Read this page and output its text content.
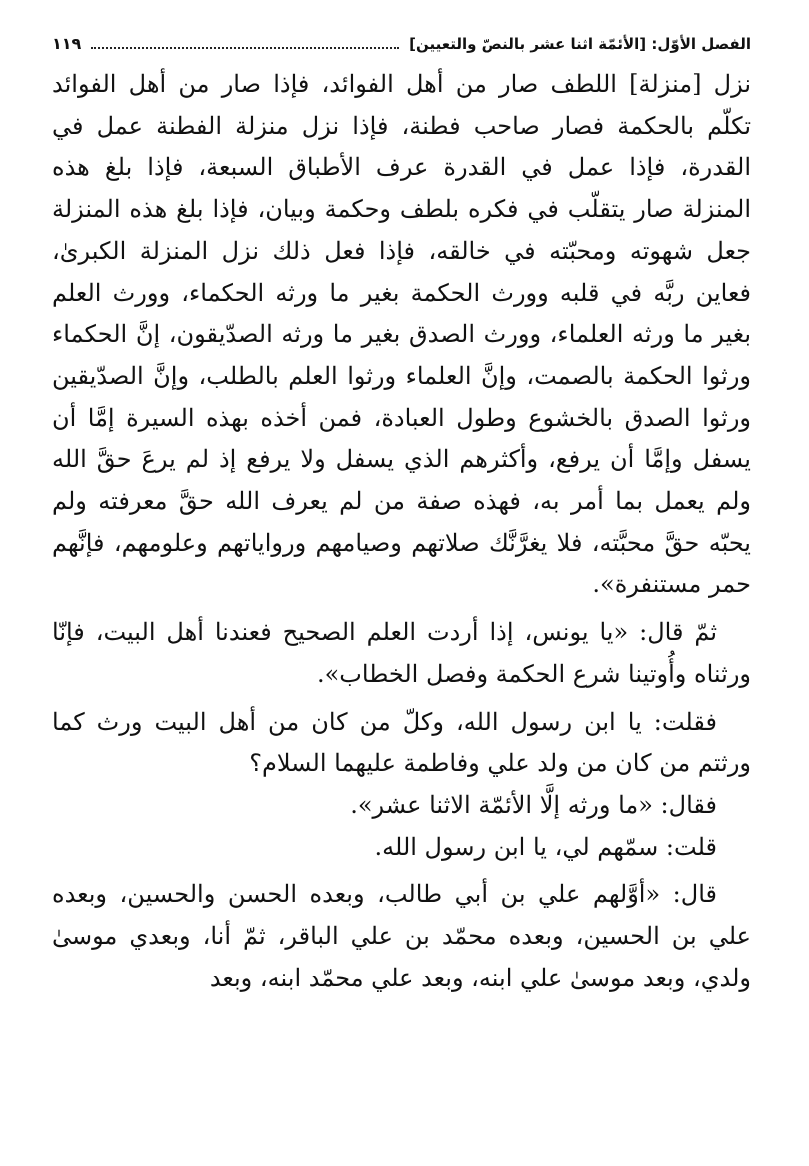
الفصل الأوّل: [الأئمّة اثنا عشر بالنصّ والتعيين]
١١٩

نزل [منزلة] اللطف صار من أهل الفوائد، فإذا صار من أهل الفوائد تكلّم بالحكمة فصار صاحب فطنة، فإذا نزل منزلة الفطنة عمل في القدرة، فإذا عمل في القدرة عرف الأطباق السبعة، فإذا بلغ هذه المنزلة صار يتقلّب في فكره بلطف وحكمة وبيان، فإذا بلغ هذه المنزلة جعل شهوته ومحبّته في خالقه، فإذا فعل ذلك نزل المنزلة الكبرىٰ، فعاين ربَّه في قلبه وورث الحكمة بغير ما ورثه الحكماء، وورث العلم بغير ما ورثه العلماء، وورث الصدق بغير ما ورثه الصدّيقون، إنَّ الحكماء ورثوا الحكمة بالصمت، وإنَّ العلماء ورثوا العلم بالطلب، وإنَّ الصدّيقين ورثوا الصدق بالخشوع وطول العبادة، فمن أخذه بهذه السيرة إمَّا أن يسفل وإمَّا أن يرفع، وأكثرهم الذي يسفل ولا يرفع إذ لم يرعَ حقَّ الله ولم يعمل بما أمر به، فهذه صفة من لم يعرف الله حقَّ معرفته ولم يحبّه حقَّ محبَّته، فلا يغرَّنَّك صلاتهم وصيامهم ورواياتهم وعلومهم، فإنَّهم حمر مستنفرة».

ثمّ قال: «يا يونس، إذا أردت العلم الصحيح فعندنا أهل البيت، فإنّا ورثناه وأُوتينا شرع الحكمة وفصل الخطاب».

فقلت: يا ابن رسول الله، وكلّ من كان من أهل البيت ورث كما ورثتم من كان من ولد علي وفاطمة عليهما السلام؟

فقال: «ما ورثه إلَّا الأئمّة الاثنا عشر».

قلت: سمّهم لي، يا ابن رسول الله.

قال: «أوَّلهم علي بن أبي طالب، وبعده الحسن والحسين، وبعده علي بن الحسين، وبعده محمّد بن علي الباقر، ثمّ أنا، وبعدي موسىٰ ولدي، وبعد موسىٰ علي ابنه، وبعد علي محمّد ابنه، وبعد
